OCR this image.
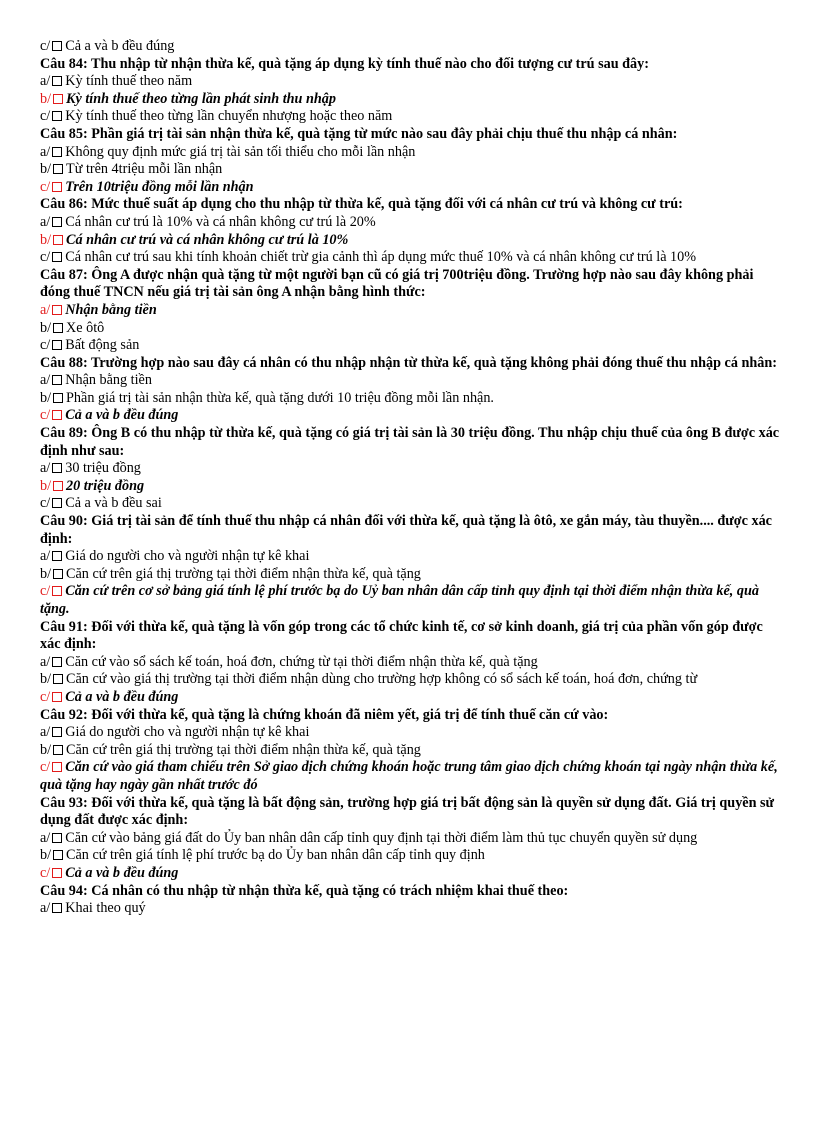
c/ Cả a và b đều đúng
Câu 84: Thu nhập từ nhận thừa kế, quà tặng áp dụng kỳ tính thuế nào cho đối tượng cư trú sau đây:
a/ Kỳ tính thuế theo năm
b/ Kỳ tính thuế theo từng lần phát sinh thu nhập
c/ Kỳ tính thuế theo từng lần chuyển nhượng hoặc theo năm
Câu 85: Phần giá trị tài sản nhận thừa kế, quà tặng từ mức nào sau đây phải chịu thuế thu nhập cá nhân:
a/ Không quy định mức giá trị tài sản tối thiểu cho mỗi lần nhận
b/ Từ trên 4triệu mỗi lần nhận
c/ Trên 10triệu đồng mỗi lần nhận
Câu 86: Mức thuế suất áp dụng cho thu nhập từ thừa kế, quà tặng đối với cá nhân cư trú và không cư trú:
a/ Cá nhân cư trú là 10% và cá nhân không cư trú là 20%
b/ Cá nhân cư trú và cá nhân không cư trú là 10%
c/ Cá nhân cư trú sau khi tính khoản chiết trừ gia cảnh thì áp dụng mức thuế 10% và cá nhân không cư trú là 10%
Câu 87: Ông A được nhận quà tặng từ một người bạn cũ có giá trị 700triệu đồng. Trường hợp nào sau đây không phải đóng thuế TNCN nếu giá trị tài sản ông A nhận bằng hình thức:
a/ Nhận bằng tiền
b/ Xe ôtô
c/ Bất động sản
Câu 88: Trường hợp nào sau đây cá nhân có thu nhập nhận từ thừa kế, quà tặng không phải đóng thuế thu nhập cá nhân:
a/ Nhận bằng tiền
b/ Phần giá trị tài sản nhận thừa kế, quà tặng dưới 10 triệu đồng mỗi lần nhận.
c/ Cả a và b đều đúng
Câu 89: Ông B có thu nhập từ thừa kế, quà tặng có giá trị tài sản là 30 triệu đồng. Thu nhập chịu thuế của ông B được xác định như sau:
a/ 30 triệu đồng
b/ 20 triệu đồng
c/ Cả a và b đều sai
Câu 90: Giá trị tài sản để tính thuế thu nhập cá nhân đối với thừa kế, quà tặng là ôtô, xe gắn máy, tàu thuyền.... được xác định:
a/ Giá do người cho và người nhận tự kê khai
b/ Căn cứ trên giá thị trường tại thời điểm nhận thừa kế, quà tặng
c/ Căn cứ trên cơ sở bảng giá tính lệ phí trước bạ do Uỷ ban nhân dân cấp tỉnh quy định tại thời điểm nhận thừa kế, quà tặng.
Câu 91: Đối với thừa kế, quà tặng là vốn góp trong các tổ chức kinh tế, cơ sở kinh doanh, giá trị của phần vốn góp được xác định:
a/ Căn cứ vào sổ sách kế toán, hoá đơn, chứng từ tại thời điểm nhận thừa kế, quà tặng
b/ Căn cứ vào giá thị trường tại thời điểm nhận dùng cho trường hợp không có sổ sách kế toán, hoá đơn, chứng từ
c/ Cả a và b đều đúng
Câu 92: Đối với thừa kế, quà tặng là chứng khoán đã niêm yết, giá trị để tính thuế căn cứ vào:
a/ Giá do người cho và người nhận tự kê khai
b/ Căn cứ trên giá thị trường tại thời điểm nhận thừa kế, quà tặng
c/ Căn cứ vào giá tham chiếu trên Sở giao dịch chứng khoán hoặc trung tâm giao dịch chứng khoán tại ngày nhận thừa kế, quà tặng hay ngày gần nhất trước đó
Câu 93: Đối với thừa kế, quà tặng là bất động sản, trường hợp giá trị bất động sản là quyền sử dụng đất. Giá trị quyền sử dụng đất được xác định:
a/ Căn cứ vào bảng giá đất do Ủy ban nhân dân cấp tỉnh quy định tại thời điểm làm thủ tục chuyển quyền sử dụng
b/ Căn cứ trên giá tính lệ phí trước bạ do Ủy ban nhân dân cấp tỉnh quy định
c/ Cả a và b đều đúng
Câu 94: Cá nhân có thu nhập từ nhận thừa kế, quà tặng có trách nhiệm khai thuế theo:
a/ Khai theo quý
